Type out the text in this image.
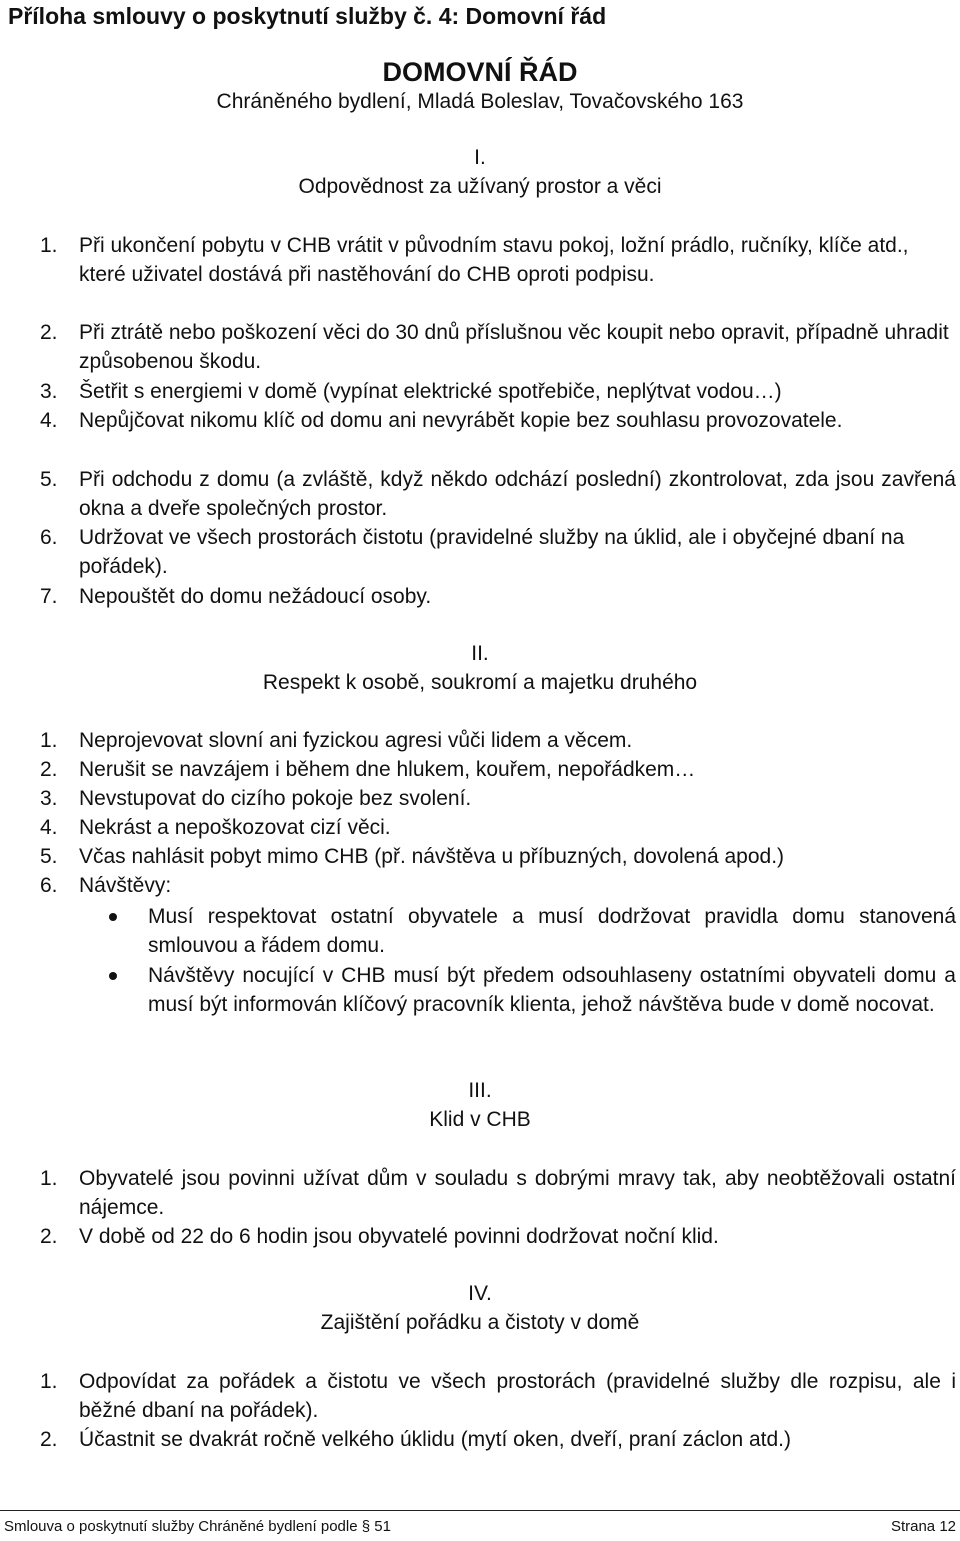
Příloha smlouvy o poskytnutí služby č. 4: Domovní řád
DOMOVNÍ ŘÁD
Chráněného bydlení, Mladá Boleslav, Tovačovského 163
I.
Odpovědnost za užívaný prostor a věci
1.	Při ukončení pobytu v CHB vrátit v původním stavu pokoj, ložní prádlo, ručníky, klíče atd., které uživatel dostává při nastěhování do CHB oproti podpisu.
2.	Při ztrátě nebo poškození věci do 30 dnů příslušnou věc koupit nebo opravit, případně uhradit způsobenou škodu.
3.	Šetřit s energiemi v domě (vypínat elektrické spotřebiče, neplýtvat vodou…)
4.	Nepůjčovat nikomu klíč od domu ani nevyrábět kopie bez souhlasu provozovatele.
5.	Při odchodu z domu (a zvláště, když někdo odchází poslední) zkontrolovat, zda jsou zavřená okna a dveře společných prostor.
6.	Udržovat ve všech prostorách čistotu (pravidelné služby na úklid, ale i obyčejné dbaní na pořádek).
7.	Nepouštět do domu nežádoucí osoby.
II.
Respekt k osobě, soukromí a majetku druhého
1.	Neprojevovat slovní ani fyzickou agresi vůči lidem a věcem.
2.	Nerušit se navzájem i během dne hlukem, kouřem, nepořádkem…
3.	Nevstupovat do cizího pokoje bez svolení.
4.	Nekrást a nepoškozovat cizí věci.
5.	Včas nahlásit pobyt mimo CHB (př. návštěva u příbuzných, dovolená apod.)
6.	Návštěvy:
Musí respektovat ostatní obyvatele a musí dodržovat pravidla domu stanovená smlouvou a řádem domu.
Návštěvy nocující v CHB musí být předem odsouhlaseny ostatními obyvateli domu a musí být informován klíčový pracovník klienta, jehož návštěva bude v domě nocovat.
III.
Klid v CHB
1.	Obyvatelé jsou povinni užívat dům v souladu s dobrými mravy tak, aby neobtěžovali ostatní nájemce.
2.	V době od 22 do 6 hodin jsou obyvatelé povinni dodržovat noční klid.
IV.
Zajištění pořádku a čistoty v domě
1.	Odpovídat za pořádek a čistotu ve všech prostorách (pravidelné služby dle rozpisu, ale i běžné dbaní na pořádek).
2.	Účastnit se dvakrát ročně velkého úklidu (mytí oken, dveří, praní záclon atd.)
Smlouva o poskytnutí služby Chráněné bydlení podle § 51	Strana 12
